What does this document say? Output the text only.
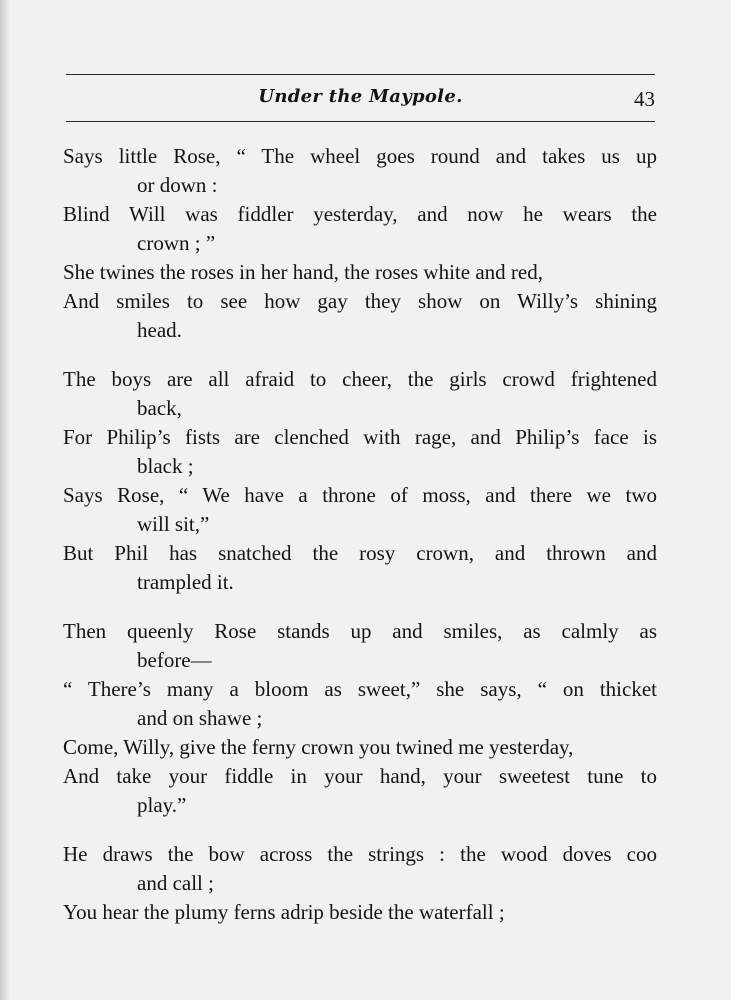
Under the Maypole.	43
Says little Rose, “ The wheel goes round and takes us up
or down :
Blind Will was fiddler yesterday, and now he wears the
crown ; ”
She twines the roses in her hand, the roses white and red,
And smiles to see how gay they show on Willy’s shining
head.
The boys are all afraid to cheer, the girls crowd frightened
back,
For Philip’s fists are clenched with rage, and Philip’s face is
black ;
Says Rose, “ We have a throne of moss, and there we two
will sit,”
But Phil has snatched the rosy crown, and thrown and
trampled it.
Then queenly Rose stands up and smiles, as calmly as
before—
“ There’s many a bloom as sweet,” she says, “ on thicket
and on shawe ;
Come, Willy, give the ferny crown you twined me yesterday,
And take your fiddle in your hand, your sweetest tune to
play.”
He draws the bow across the strings : the wood doves coo
and call ;
You hear the plumy ferns adrip beside the waterfall ;
